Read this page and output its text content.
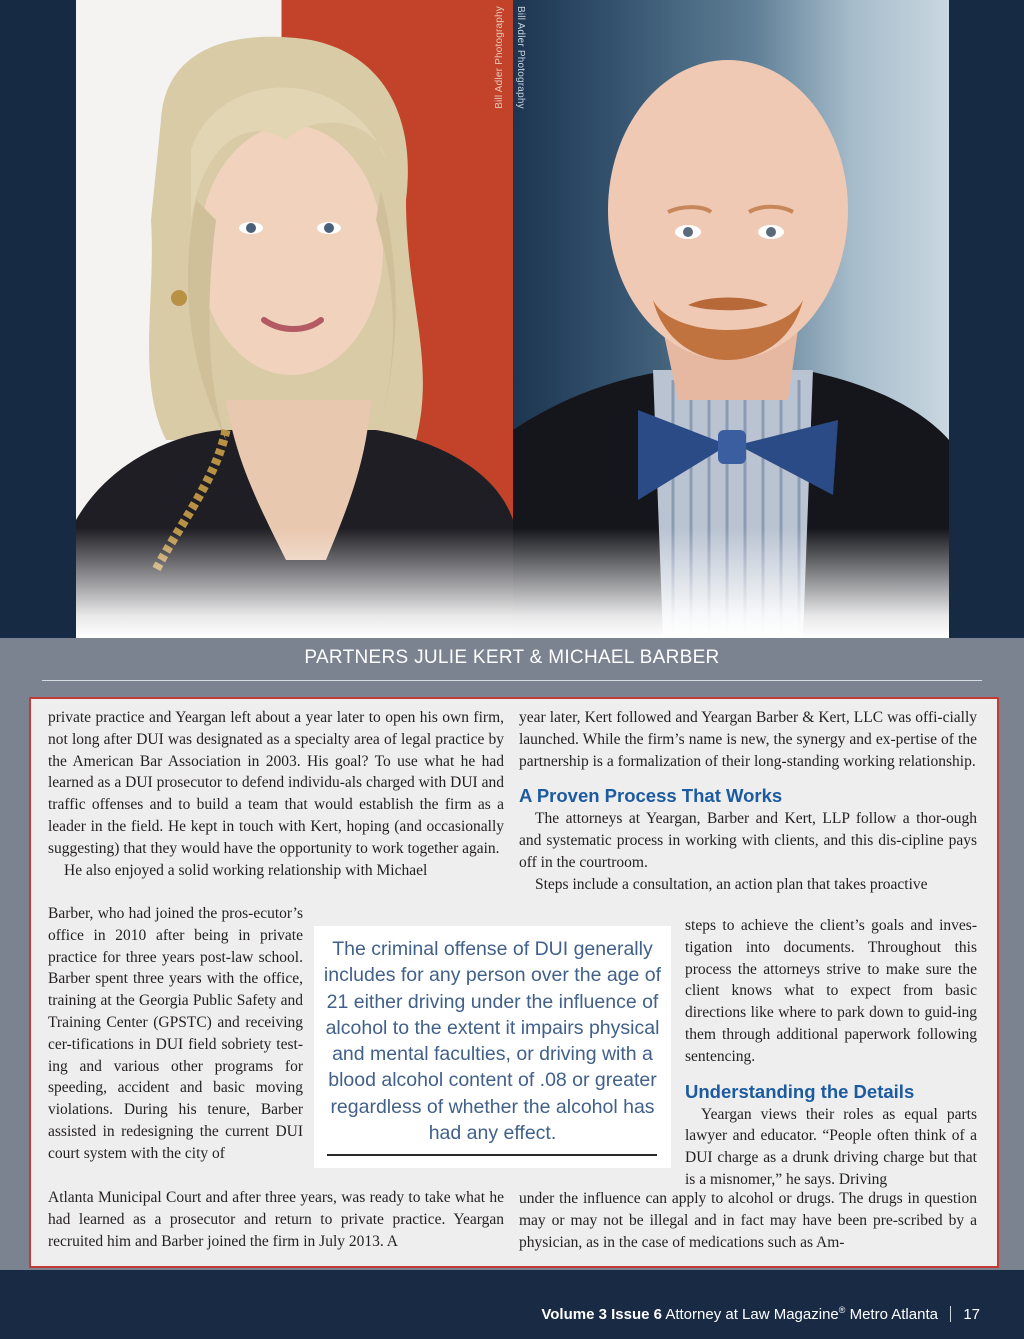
Bill Adler Photography Bill Adler Photography
PARTNERS JULIE KERT & MICHAEL BARBER

private practice and Yeargan left about a year later to open his own firm, not long after DUI was designated as a specialty area of legal practice by the American Bar Association in 2003. His goal? To use what he had learned as a DUI prosecutor to defend individu-als charged with DUI and traffic offenses and to build a team that would establish the firm as a leader in the field. He kept in touch with Kert, hoping (and occasionally suggesting) that they would have the opportunity to work together again.

He also enjoyed a solid working relationship with Michael

Barber, who had joined the pros-ecutor’s office in 2010 after being in private practice for three years post-law school. Barber spent three years with the office, training at the Georgia Public Safety and Training Center (GPSTC) and receiving cer-tifications in DUI field sobriety test-ing and various other programs for speeding, accident and basic moving violations. During his tenure, Barber assisted in redesigning the current DUI court system with the city of

Atlanta Municipal Court and after three years, was ready to take what he had learned as a prosecutor and return to private practice. Yeargan recruited him and Barber joined the firm in July 2013. A

year later, Kert followed and Yeargan Barber & Kert, LLC was offi-cially launched. While the firm’s name is new, the synergy and ex-pertise of the partnership is a formalization of their long-standing working relationship.

A Proven Process That Works

The attorneys at Yeargan, Barber and Kert, LLP follow a thor-ough and systematic process in working with clients, and this dis-cipline pays off in the courtroom.

Steps include a consultation, an action plan that takes proactive

steps to achieve the client’s goals and inves-tigation into documents. Throughout this process the attorneys strive to make sure the client knows what to expect from basic directions like where to park down to guid-ing them through additional paperwork following sentencing.

Understanding the Details

Yeargan views their roles as equal parts lawyer and educator. “People often think of a DUI charge as a drunk driving charge but that is a misnomer,” he says. Driving

under the influence can apply to alcohol or drugs. The drugs in question may or may not be illegal and in fact may have been pre-scribed by a physician, as in the case of medications such as Am-

The criminal offense of DUI generally includes for any person over the age of 21 either driving under the influence of alcohol to the extent it impairs physical and mental faculties, or driving with a blood alcohol content of .08 or greater regardless of whether the alcohol has had any effect.
Volume 3 Issue 6 Attorney at Law Magazine® Metro Atlanta 17
